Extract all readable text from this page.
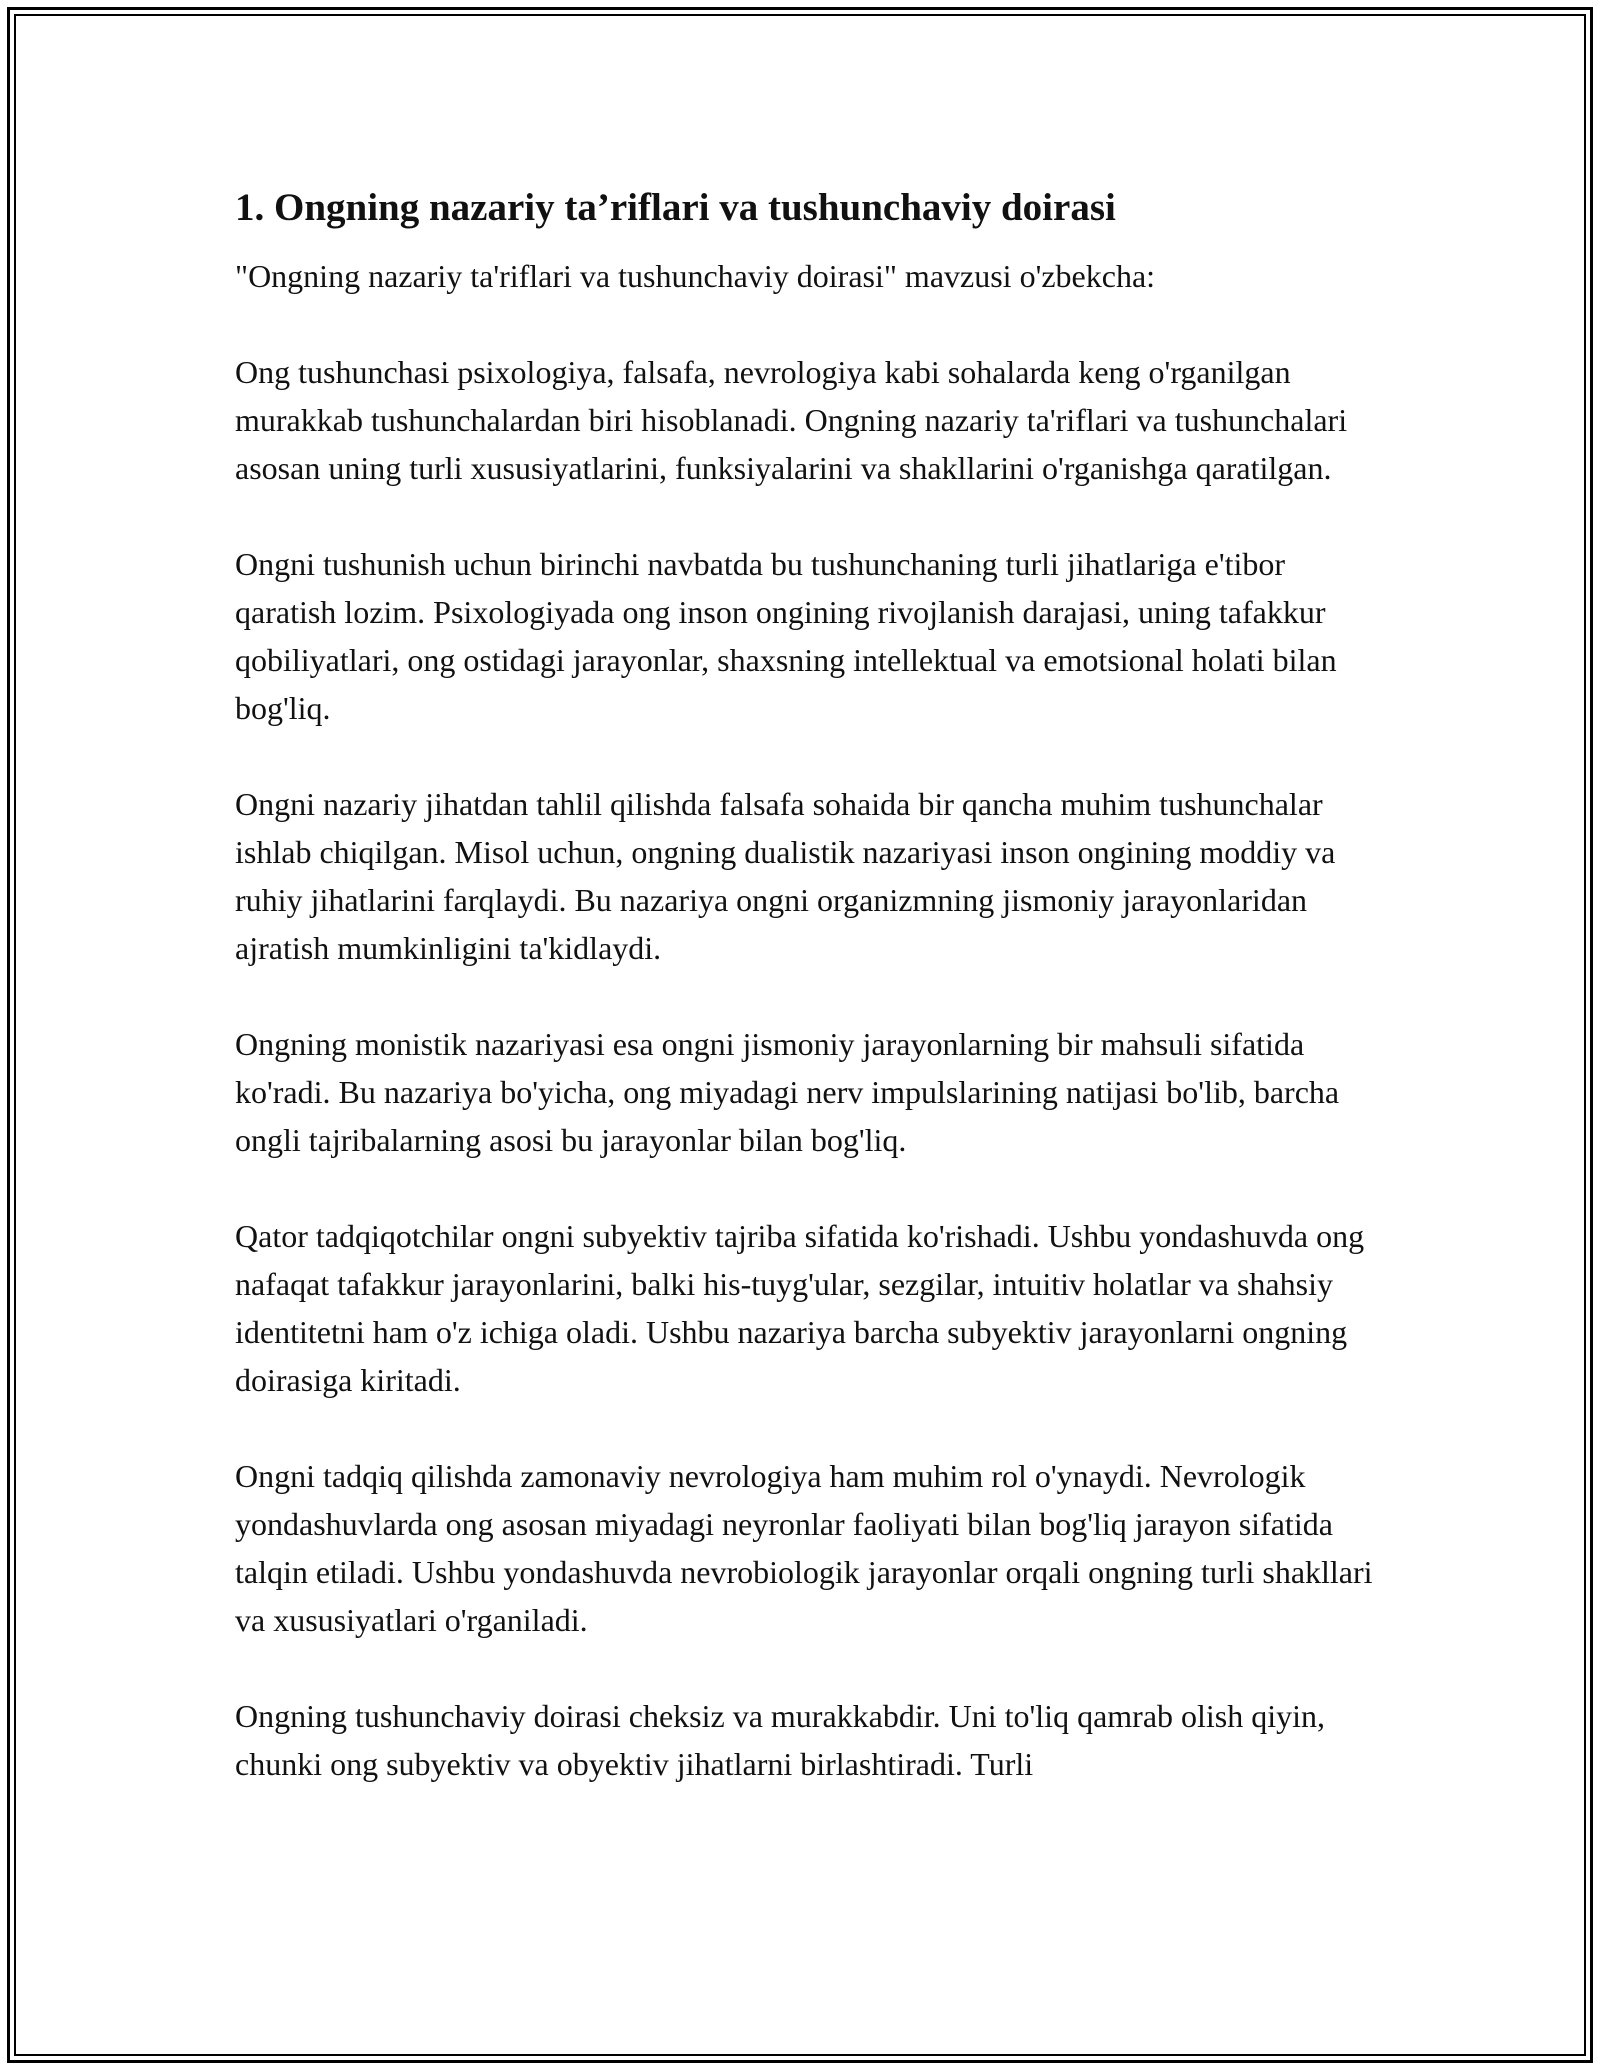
1. Ongning nazariy ta’riflari va tushunchaviy doirasi

"Ongning nazariy ta'riflari va tushunchaviy doirasi" mavzusi o'zbekcha:

Ong tushunchasi psixologiya, falsafa, nevrologiya kabi sohalarda keng o'rganilgan murakkab tushunchalardan biri hisoblanadi. Ongning nazariy ta'riflari va tushunchalari asosan uning turli xususiyatlarini, funksiyalarini va shakllarini o'rganishga qaratilgan.

Ongni tushunish uchun birinchi navbatda bu tushunchaning turli jihatlariga e'tibor qaratish lozim. Psixologiyada ong inson ongining rivojlanish darajasi, uning tafakkur qobiliyatlari, ong ostidagi jarayonlar, shaxsning intellektual va emotsional holati bilan bog'liq.

Ongni nazariy jihatdan tahlil qilishda falsafa sohaida bir qancha muhim tushunchalar ishlab chiqilgan. Misol uchun, ongning dualistik nazariyasi inson ongining moddiy va ruhiy jihatlarini farqlaydi. Bu nazariya ongni organizmning jismoniy jarayonlaridan ajratish mumkinligini ta'kidlaydi.

Ongning monistik nazariyasi esa ongni jismoniy jarayonlarning bir mahsuli sifatida ko'radi. Bu nazariya bo'yicha, ong miyadagi nerv impulslarining natijasi bo'lib, barcha ongli tajribalarning asosi bu jarayonlar bilan bog'liq.

Qator tadqiqotchilar ongni subyektiv tajriba sifatida ko'rishadi. Ushbu yondashuvda ong nafaqat tafakkur jarayonlarini, balki his-tuyg'ular, sezgilar, intuitiv holatlar va shahsiy identitetni ham o'z ichiga oladi. Ushbu nazariya barcha subyektiv jarayonlarni ongning doirasiga kiritadi.

Ongni tadqiq qilishda zamonaviy nevrologiya ham muhim rol o'ynaydi. Nevrologik yondashuvlarda ong asosan miyadagi neyronlar faoliyati bilan bog'liq jarayon sifatida talqin etiladi. Ushbu yondashuvda nevrobiologik jarayonlar orqali ongning turli shakllari va xususiyatlari o'rganiladi.

Ongning tushunchaviy doirasi cheksiz va murakkabdir. Uni to'liq qamrab olish qiyin, chunki ong subyektiv va obyektiv jihatlarni birlashtiradi. Turli
